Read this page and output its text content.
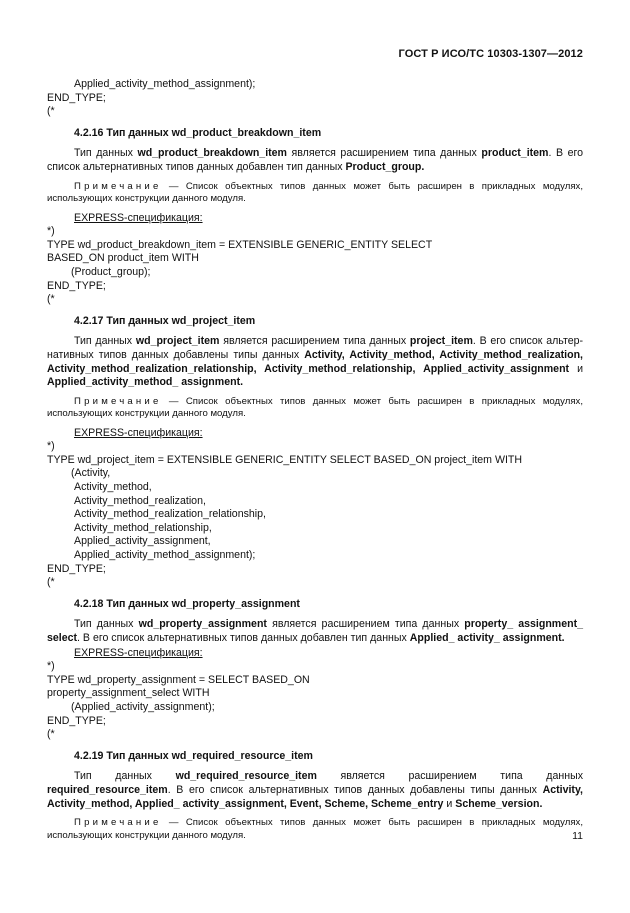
ГОСТ Р ИСО/ТС 10303-1307—2012

Applied_activity_method_assignment);

END_TYPE;

(*

4.2.16 Тип данных wd_product_breakdown_item

Тип данных wd_product_breakdown_item является расширением типа данных product_item. В его список альтернативных типов данных добавлен тип данных Product_group.

Примечание — Список объектных типов данных может быть расширен в прикладных модулях, использующих конструкции данного модуля.

EXPRESS-спецификация:

*)

TYPE wd_product_breakdown_item = EXTENSIBLE GENERIC_ENTITY SELECT

BASED_ON product_item WITH

(Product_group);

END_TYPE;

(*

4.2.17 Тип данных wd_project_item

Тип данных wd_project_item является расширением типа данных project_item. В его список альтер-нативных типов данных добавлены типы данных Activity, Activity_method, Activity_method_realization, Activity_method_realization_relationship, Activity_method_relationship, Applied_activity_assignment и Applied_activity_method_ assignment.

Примечание — Список объектных типов данных может быть расширен в прикладных модулях, использующих конструкции данного модуля.

EXPRESS-спецификация:

*)

TYPE wd_project_item = EXTENSIBLE GENERIC_ENTITY SELECT BASED_ON project_item WITH

(Activity,

Activity_method,

Activity_method_realization,

Activity_method_realization_relationship,

Activity_method_relationship,

Applied_activity_assignment,

Applied_activity_method_assignment);

END_TYPE;

(*

4.2.18 Тип данных wd_property_assignment

Тип данных wd_property_assignment является расширением типа данных property_ assignment_ select. В его список альтернативных типов данных добавлен тип данных Applied_ activity_ assignment.

EXPRESS-спецификация:

*)

TYPE wd_property_assignment = SELECT BASED_ON

property_assignment_select WITH

(Applied_activity_assignment);

END_TYPE;

(*

4.2.19 Тип данных wd_required_resource_item

Тип данных wd_required_resource_item является расширением типа данных required_resource_item. В его список альтернативных типов данных добавлены типы данных Activity, Activity_method, Applied_ activity_assignment, Event, Scheme, Scheme_entry и Scheme_version.

Примечание — Список объектных типов данных может быть расширен в прикладных модулях, использующих конструкции данного модуля.	11
